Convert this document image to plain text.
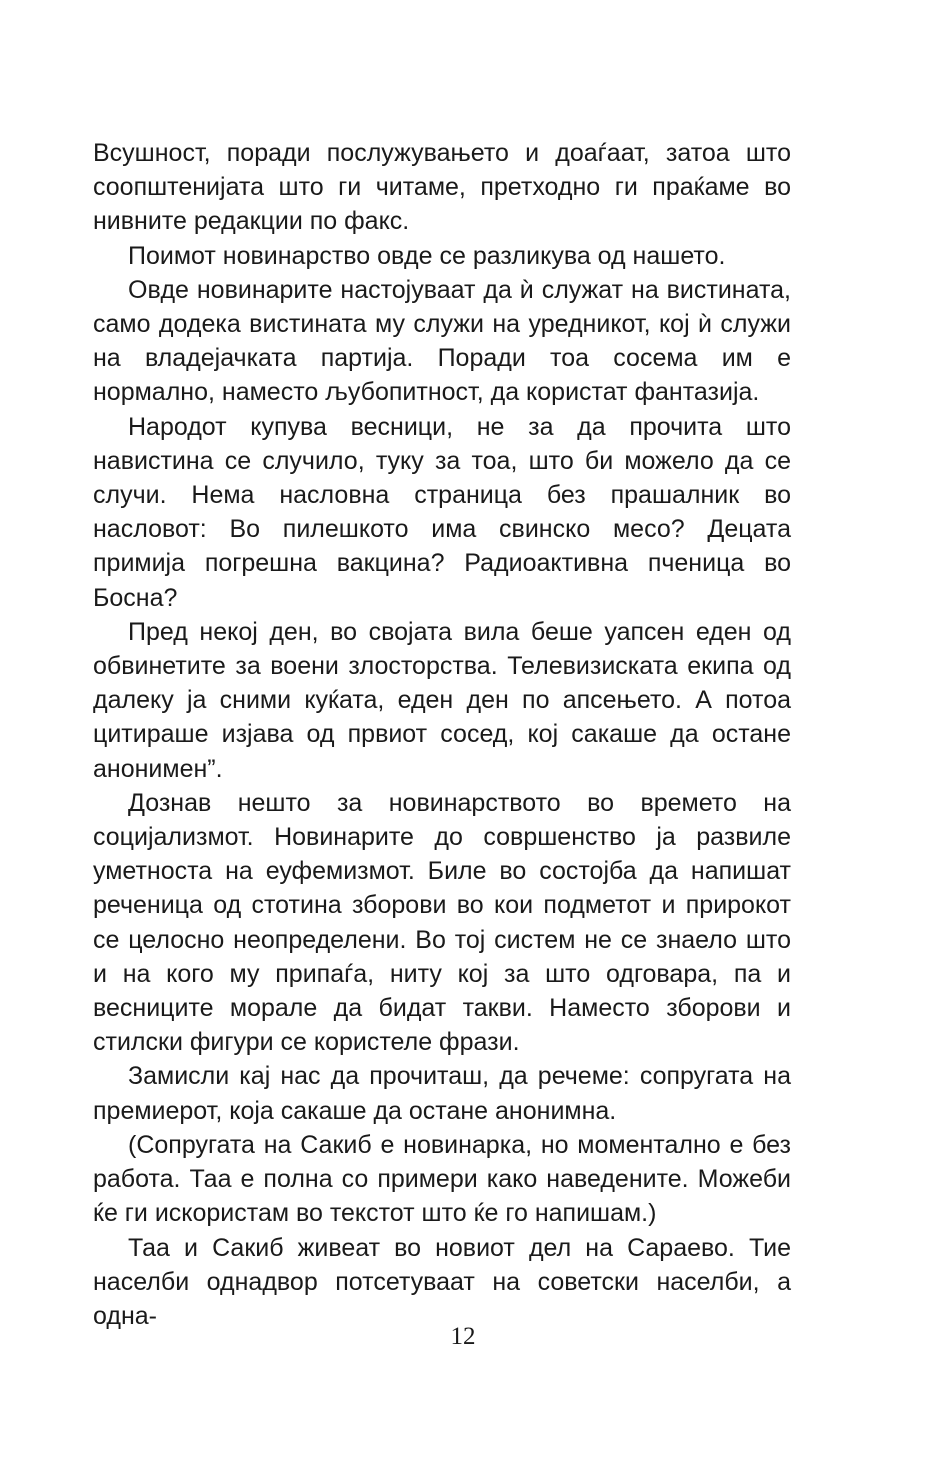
Всушност, поради послужувањето и доаѓаат, затоа што соопштенијата што ги читаме, претходно ги праќаме во нивните редакции по факс.

Поимот новинарство овде се разликува од нашето.

Овде новинарите настојуваат да ѝ служат на вистината, само додека вистината му служи на уредникот, кој ѝ служи на владејачката партија. Поради тоа сосема им е нормално, наместо љубопитност, да користат фантазија.

Народот купува весници, не за да прочита што навистина се случило, туку за тоа, што би можело да се случи. Нема насловна страница без прашалник во насловот: Во пилешкото има свинско месо? Децата примија погрешна вакцина? Радиоактивна пченица во Босна?

Пред некој ден, во својата вила беше уапсен еден од обвинетите за воени злосторства. Телевизиската екипа од далеку ја сними куќата, еден ден по апсењето. А потоа цитираше изјава од првиот сосед, кој сакаше да остане анонимен”.

Дознав нешто за новинарството во времето на социјализмот. Новинарите до совршенство ја развиле уметноста на еуфемизмот. Биле во состојба да напишат реченица од стотина зборови во кои подметот и прирокот се целосно неопределени. Во тој систем не се знаело што и на кого му припаѓа, ниту кој за што одговара, па и весниците морале да бидат такви. Наместо зборови и стилски фигури се користеле фрази.

Замисли кај нас да прочиташ, да речеме: сопругата на премиерот, која сакаше да остане анонимна.

(Сопругата на Сакиб е новинарка, но моментално е без работа. Таа е полна со примери како наведените. Можеби ќе ги искористам во текстот што ќе го напишам.)

Таа и Сакиб живеат во новиот дел на Сараево. Тие населби однадвор потсетуваат на советски населби, а одна-

12
